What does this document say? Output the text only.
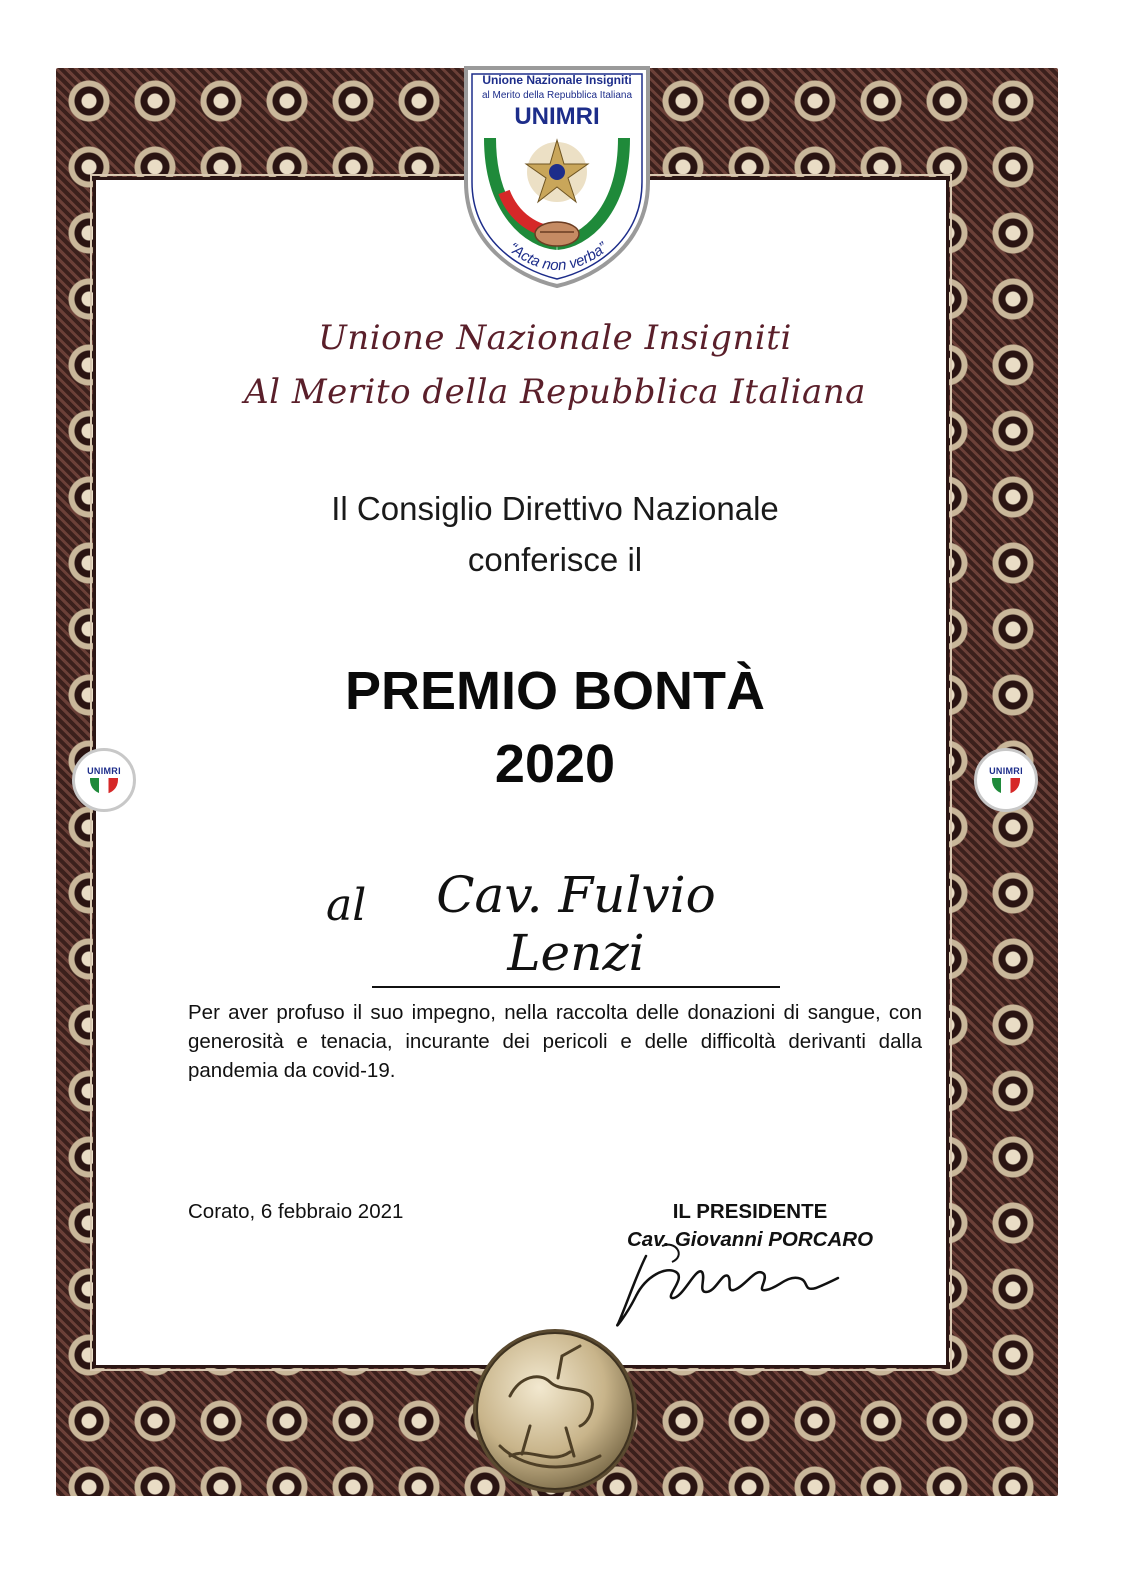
Unione Nazionale Insigniti
al Merito della Repubblica Italiana
UNIMRI
“Acta non verba”
UNIMRI	UNIMRI
Unione Nazionale Insigniti
Al Merito della Repubblica Italiana
Il Consiglio Direttivo Nazionale
conferisce il
PREMIO BONTÀ
2020
al	Cav. Fulvio Lenzi
Per aver profuso il suo impegno, nella raccolta delle donazioni di sangue, con generosità e tenacia, incurante dei pericoli e delle difficoltà derivanti dalla pandemia da covid-19.
Corato, 6 febbraio 2021	IL PRESIDENTE
Cav. Giovanni PORCARO
